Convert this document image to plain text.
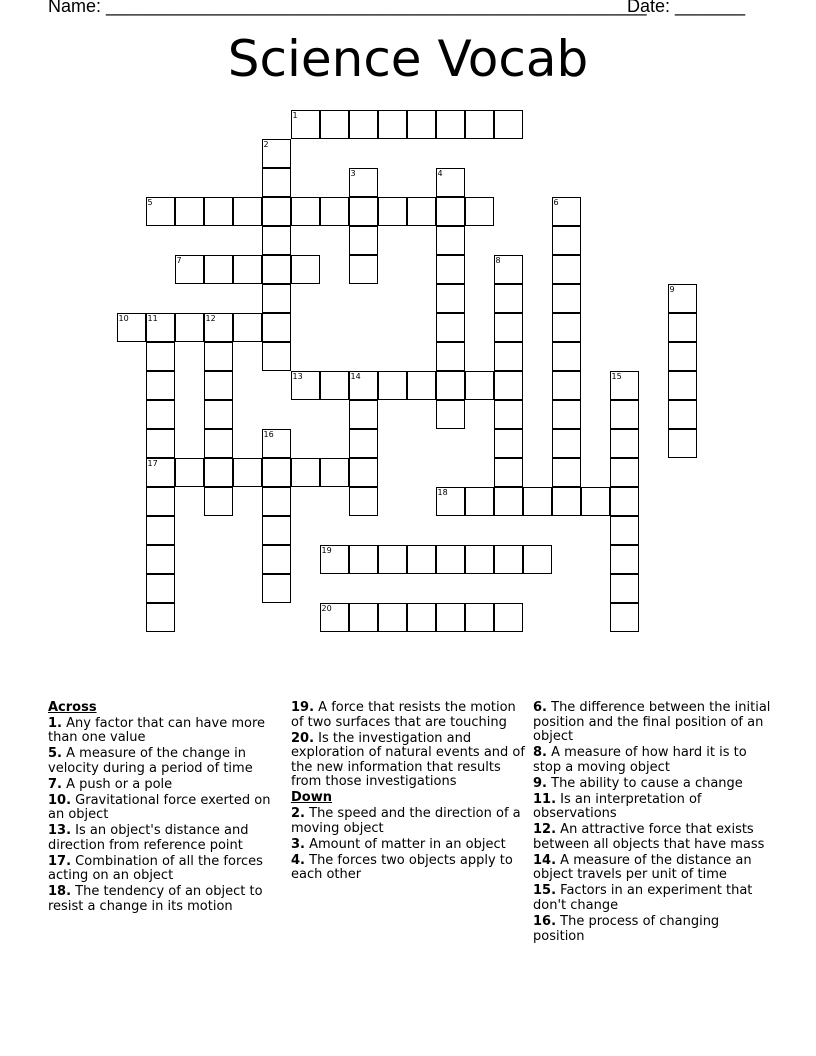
Name: ______________________________________________________
Date: _______
Science Vocab
1
2
3	4
5	6
7	8
9
10 11	12
17
13	14	15
16
18
19
20
Across
1. Any factor that can have more than one value
5. A measure of the change in velocity during a period of time
7. A push or a pole
10. Gravitational force exerted on an object
13. Is an object's distance and direction from reference point
17. Combination of all the forces acting on an object
18. The tendency of an object to resist a change in its motion
19. A force that resists the motion of two surfaces that are touching
20. Is the investigation and exploration of natural events and of the new information that results from those investigations
Down
2. The speed and the direction of a moving object
3. Amount of matter in an object
4. The forces two objects apply to each other
6. The difference between the initial position and the final position of an object
8. A measure of how hard it is to stop a moving object
9. The ability to cause a change
11. Is an interpretation of observations
12. An attractive force that exists between all objects that have mass
14. A measure of the distance an object travels per unit of time
15. Factors in an experiment that don't change
16. The process of changing position
